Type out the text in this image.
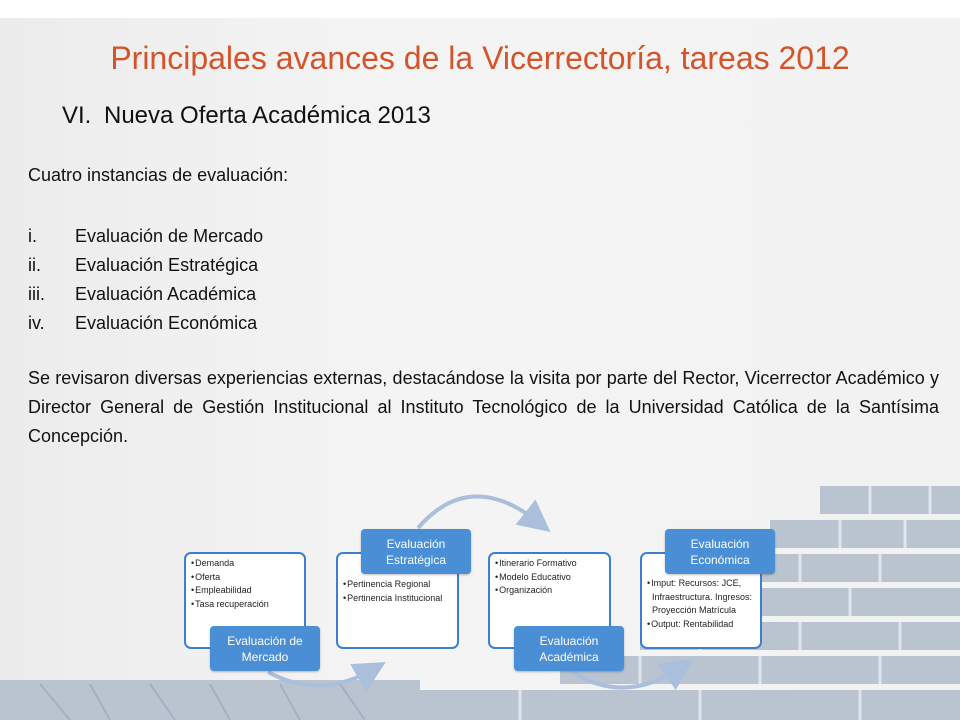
Principales avances de la Vicerrectoría, tareas 2012
VI. Nueva Oferta Académica 2013
Cuatro instancias de evaluación:
i. Evaluación de Mercado
ii. Evaluación Estratégica
iii. Evaluación Académica
iv. Evaluación Económica
Se revisaron diversas experiencias externas, destacándose la visita por parte del Rector, Vicerrector Académico y Director General de Gestión Institucional al Instituto Tecnológico de la Universidad Católica de la Santísima Concepción.
• Demanda
• Oferta
• Empleabilidad
• Tasa recuperación
Evaluación de Mercado
• Pertinencia Regional
• Pertinencia Institucional
Evaluación Estratégica
•	Itinerario Formativo
• Modelo Educativo
• Organización
Evaluación Académica
• Imput: Recursos: JCE, Infraestructura. Ingresos: Proyección Matrícula
• Output: Rentabilidad
Evaluación Económica
